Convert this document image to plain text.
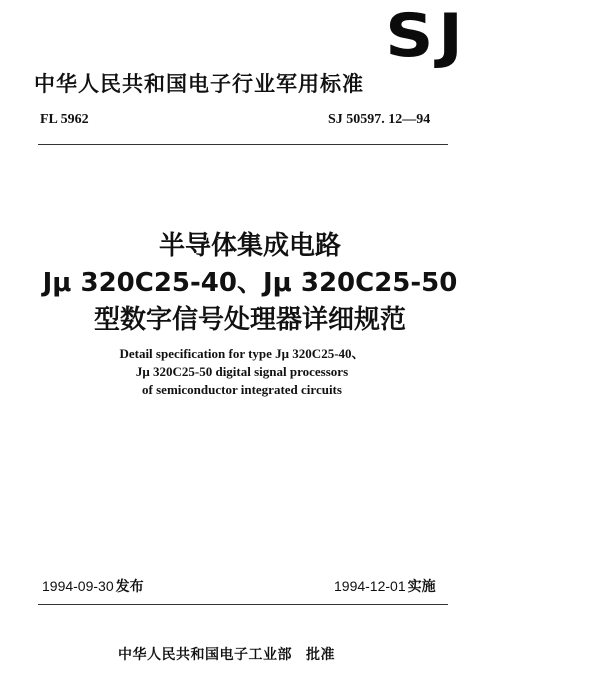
SJ
中华人民共和国电子行业军用标准
FL 5962	SJ 50597. 12—94
半导体集成电路
Jμ 320C25-40、Jμ 320C25-50
型数字信号处理器详细规范
Detail specification for type Jμ 320C25-40、
Jμ 320C25-50 digital signal processors
of semiconductor integrated circuits
1994-09-30 发布	1994-12-01 实施
中华人民共和国电子工业部 批准
